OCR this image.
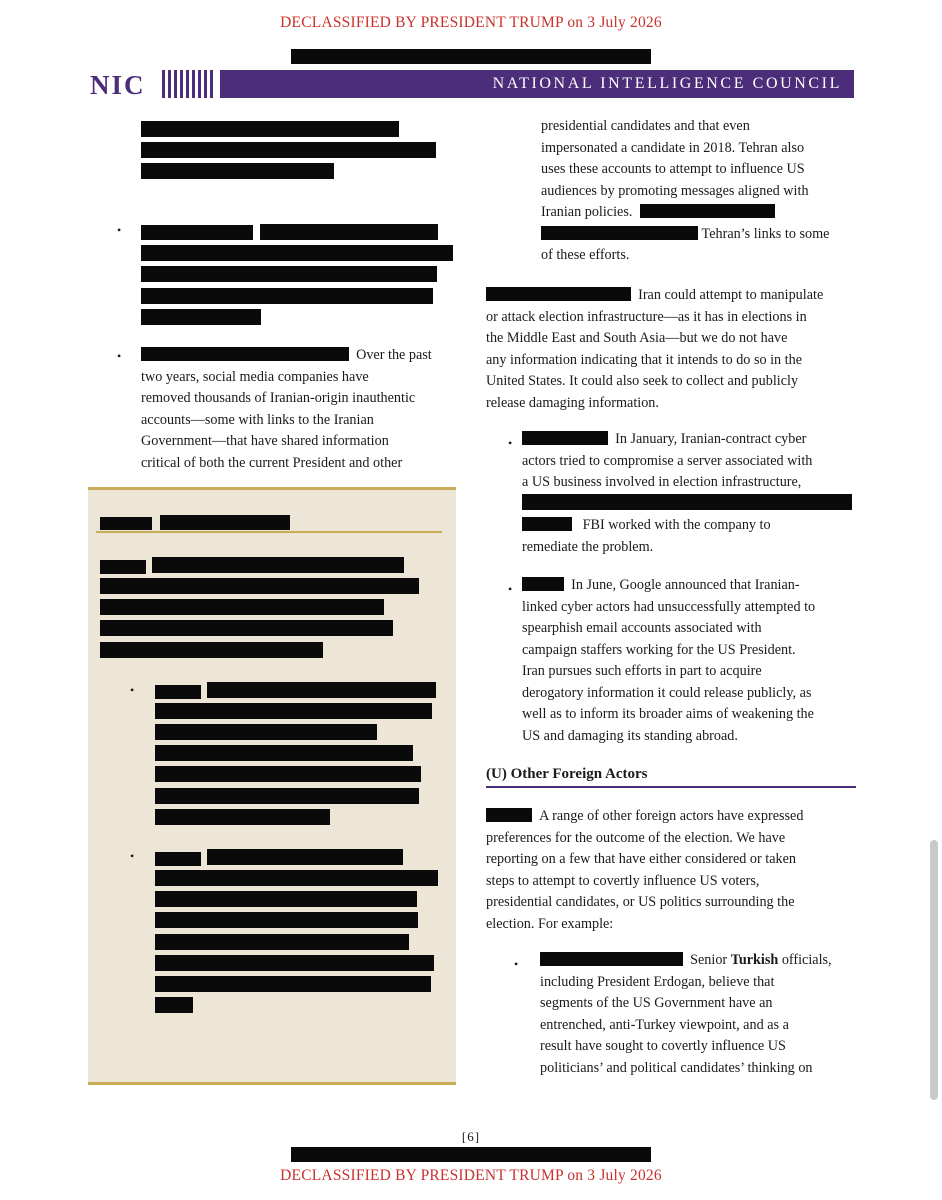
DECLASSIFIED BY PRESIDENT TRUMP on 3 July 2026
DECLASSIFIED BY PRESIDENT TRUMP on 3 July 2026
NIC	NATIONAL INTELLIGENCE COUNCIL
•
•	Over the past
two years, social media companies have
removed thousands of Iranian-origin inauthentic
accounts—some with links to the Iranian
Government—that have shared information
critical of both the current President and other
•
•
presidential candidates and that even
impersonated a candidate in 2018. Tehran also
uses these accounts to attempt to influence US
audiences by promoting messages aligned with
Iranian policies.
Tehran’s links to some
of these efforts.
Iran could attempt to manipulate
or attack election infrastructure—as it has in elections in
the Middle East and South Asia—but we do not have
any information indicating that it intends to do so in the
United States. It could also seek to collect and publicly
release damaging information.
•	In January, Iranian-contract cyber
actors tried to compromise a server associated with
a US business involved in election infrastructure,
FBI worked with the company to
remediate the problem.
•	In June, Google announced that Iranian-
linked cyber actors had unsuccessfully attempted to
spearphish email accounts associated with
campaign staffers working for the US President.
Iran pursues such efforts in part to acquire
derogatory information it could release publicly, as
well as to inform its broader aims of weakening the
US and damaging its standing abroad.
(U) Other Foreign Actors
A range of other foreign actors have expressed
preferences for the outcome of the election. We have
reporting on a few that have either considered or taken
steps to attempt to covertly influence US voters,
presidential candidates, or US politics surrounding the
election. For example:
•	Senior Turkish officials,
including President Erdogan, believe that
segments of the US Government have an
entrenched, anti-Turkey viewpoint, and as a
result have sought to covertly influence US
politicians’ and political candidates’ thinking on
[6]
